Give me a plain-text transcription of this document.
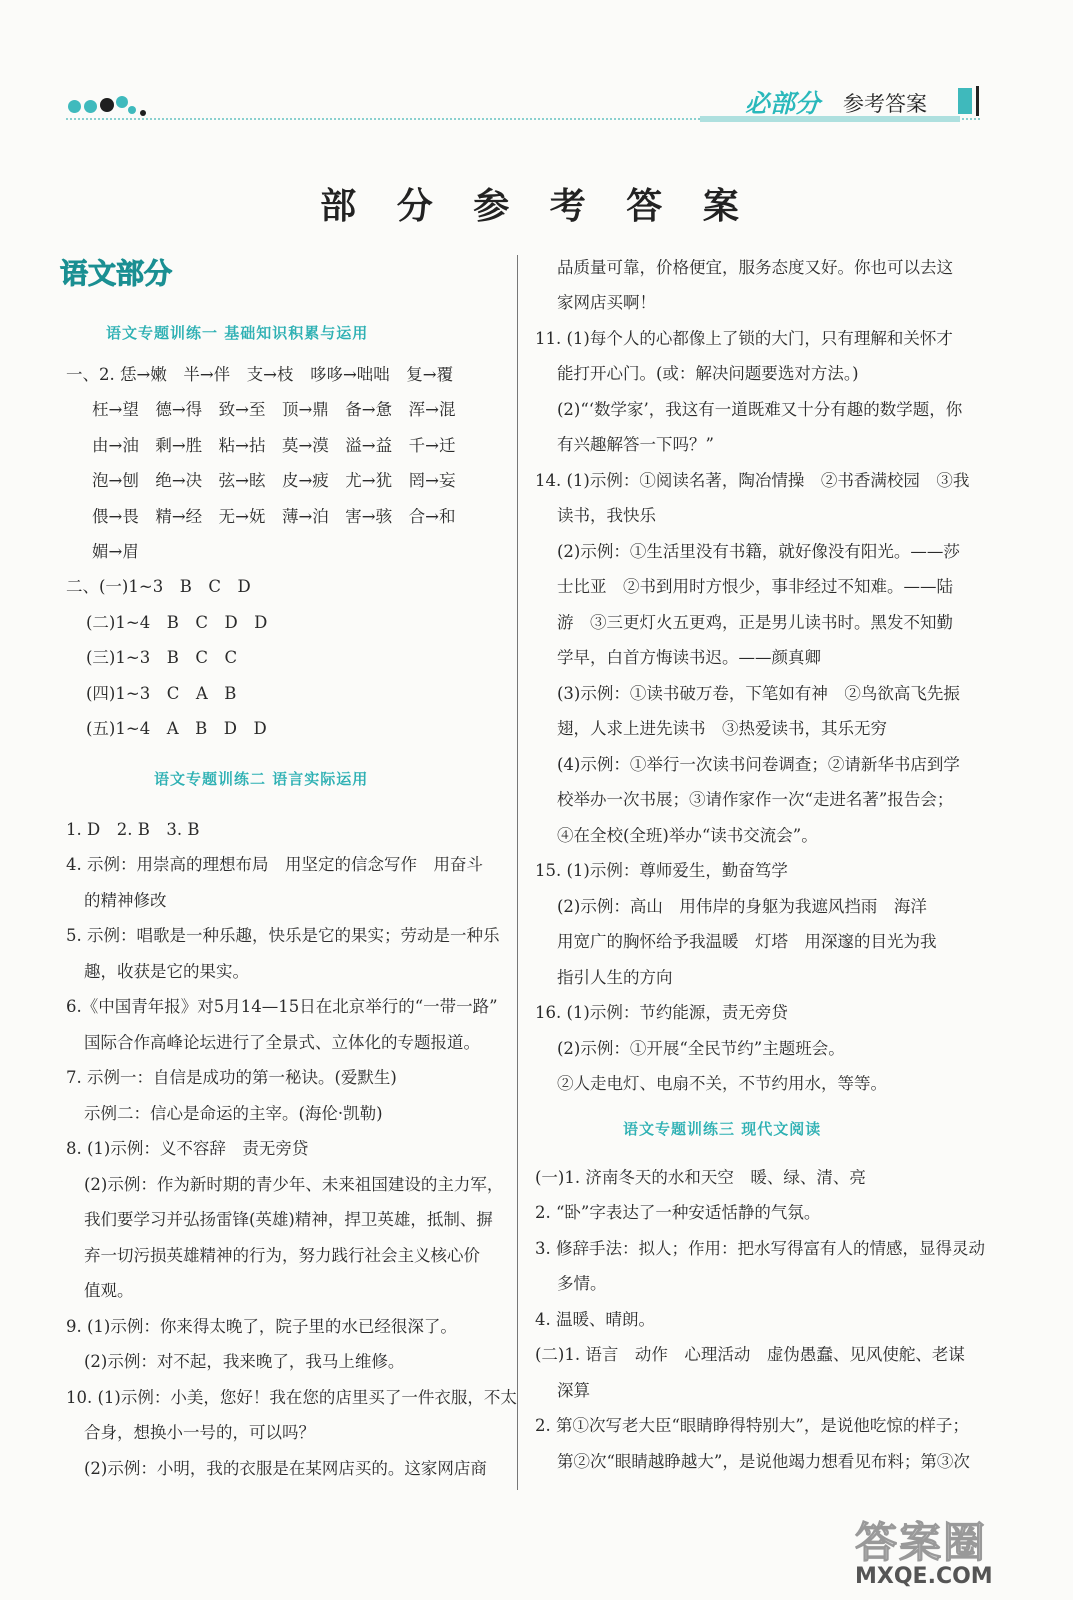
必部分 参考答案
部 分 参 考 答 案
语文部分
语文专题训练一 基础知识积累与运用
一、2. 恁→嫩　半→伴　支→枝　哆哆→咄咄　复→覆
枉→望　德→得　致→至　顶→鼎　备→惫　浑→混
由→油　剩→胜　粘→拈　莫→漠　溢→益　千→迁
泡→刨　绝→决　弦→眩　皮→疲　尤→犹　罔→妄
偎→畏　精→经　无→妩　薄→泊　害→骇　合→和
媚→眉
二、(一)1~3　B　C　D
(二)1~4　B　C　D　D
(三)1~3　B　C　C
(四)1~3　C　A　B
(五)1~4　A　B　D　D
语文专题训练二 语言实际运用
1. D　2. B　3. B
4. 示例：用崇高的理想布局　用坚定的信念写作　用奋斗
的精神修改
5. 示例：唱歌是一种乐趣，快乐是它的果实；劳动是一种乐
趣，收获是它的果实。
6.《中国青年报》对5月14—15日在北京举行的“一带一路”
国际合作高峰论坛进行了全景式、立体化的专题报道。
7. 示例一：自信是成功的第一秘诀。(爱默生)
示例二：信心是命运的主宰。(海伦·凯勒)
8. (1)示例：义不容辞　责无旁贷
(2)示例：作为新时期的青少年、未来祖国建设的主力军，
我们要学习并弘扬雷锋(英雄)精神，捍卫英雄，抵制、摒
弃一切污损英雄精神的行为，努力践行社会主义核心价
值观。
9. (1)示例：你来得太晚了，院子里的水已经很深了。
(2)示例：对不起，我来晚了，我马上维修。
10. (1)示例：小美，您好！我在您的店里买了一件衣服，不太
合身，想换小一号的，可以吗？
(2)示例：小明，我的衣服是在某网店买的。这家网店商
品质量可靠，价格便宜，服务态度又好。你也可以去这
家网店买啊！
11. (1)每个人的心都像上了锁的大门，只有理解和关怀才
能打开心门。(或：解决问题要选对方法。)
(2)“‘数学家’，我这有一道既难又十分有趣的数学题，你
有兴趣解答一下吗？”
14. (1)示例：①阅读名著，陶冶情操　②书香满校园　③我
读书，我快乐
(2)示例：①生活里没有书籍，就好像没有阳光。——莎
士比亚　②书到用时方恨少，事非经过不知难。——陆
游　③三更灯火五更鸡，正是男儿读书时。黑发不知勤
学早，白首方悔读书迟。——颜真卿
(3)示例：①读书破万卷，下笔如有神　②鸟欲高飞先振
翅，人求上进先读书　③热爱读书，其乐无穷
(4)示例：①举行一次读书问卷调查；②请新华书店到学
校举办一次书展；③请作家作一次“走进名著”报告会；
④在全校(全班)举办“读书交流会”。
15. (1)示例：尊师爱生，勤奋笃学
(2)示例：高山　用伟岸的身躯为我遮风挡雨　海洋
用宽广的胸怀给予我温暖　灯塔　用深邃的目光为我
指引人生的方向
16. (1)示例：节约能源，责无旁贷
(2)示例：①开展“全民节约”主题班会。
②人走电灯、电扇不关，不节约用水，等等。
语文专题训练三 现代文阅读
(一)1. 济南冬天的水和天空　暖、绿、清、亮
2. “卧”字表达了一种安适恬静的气氛。
3. 修辞手法：拟人；作用：把水写得富有人的情感，显得灵动
多情。
4. 温暖、晴朗。
(二)1. 语言　动作　心理活动　虚伪愚蠢、见风使舵、老谋
深算
2. 第①次写老大臣“眼睛睁得特别大”，是说他吃惊的样子；
第②次“眼睛越睁越大”，是说他竭力想看见布料；第③次
答案圈
MXQE.COM
